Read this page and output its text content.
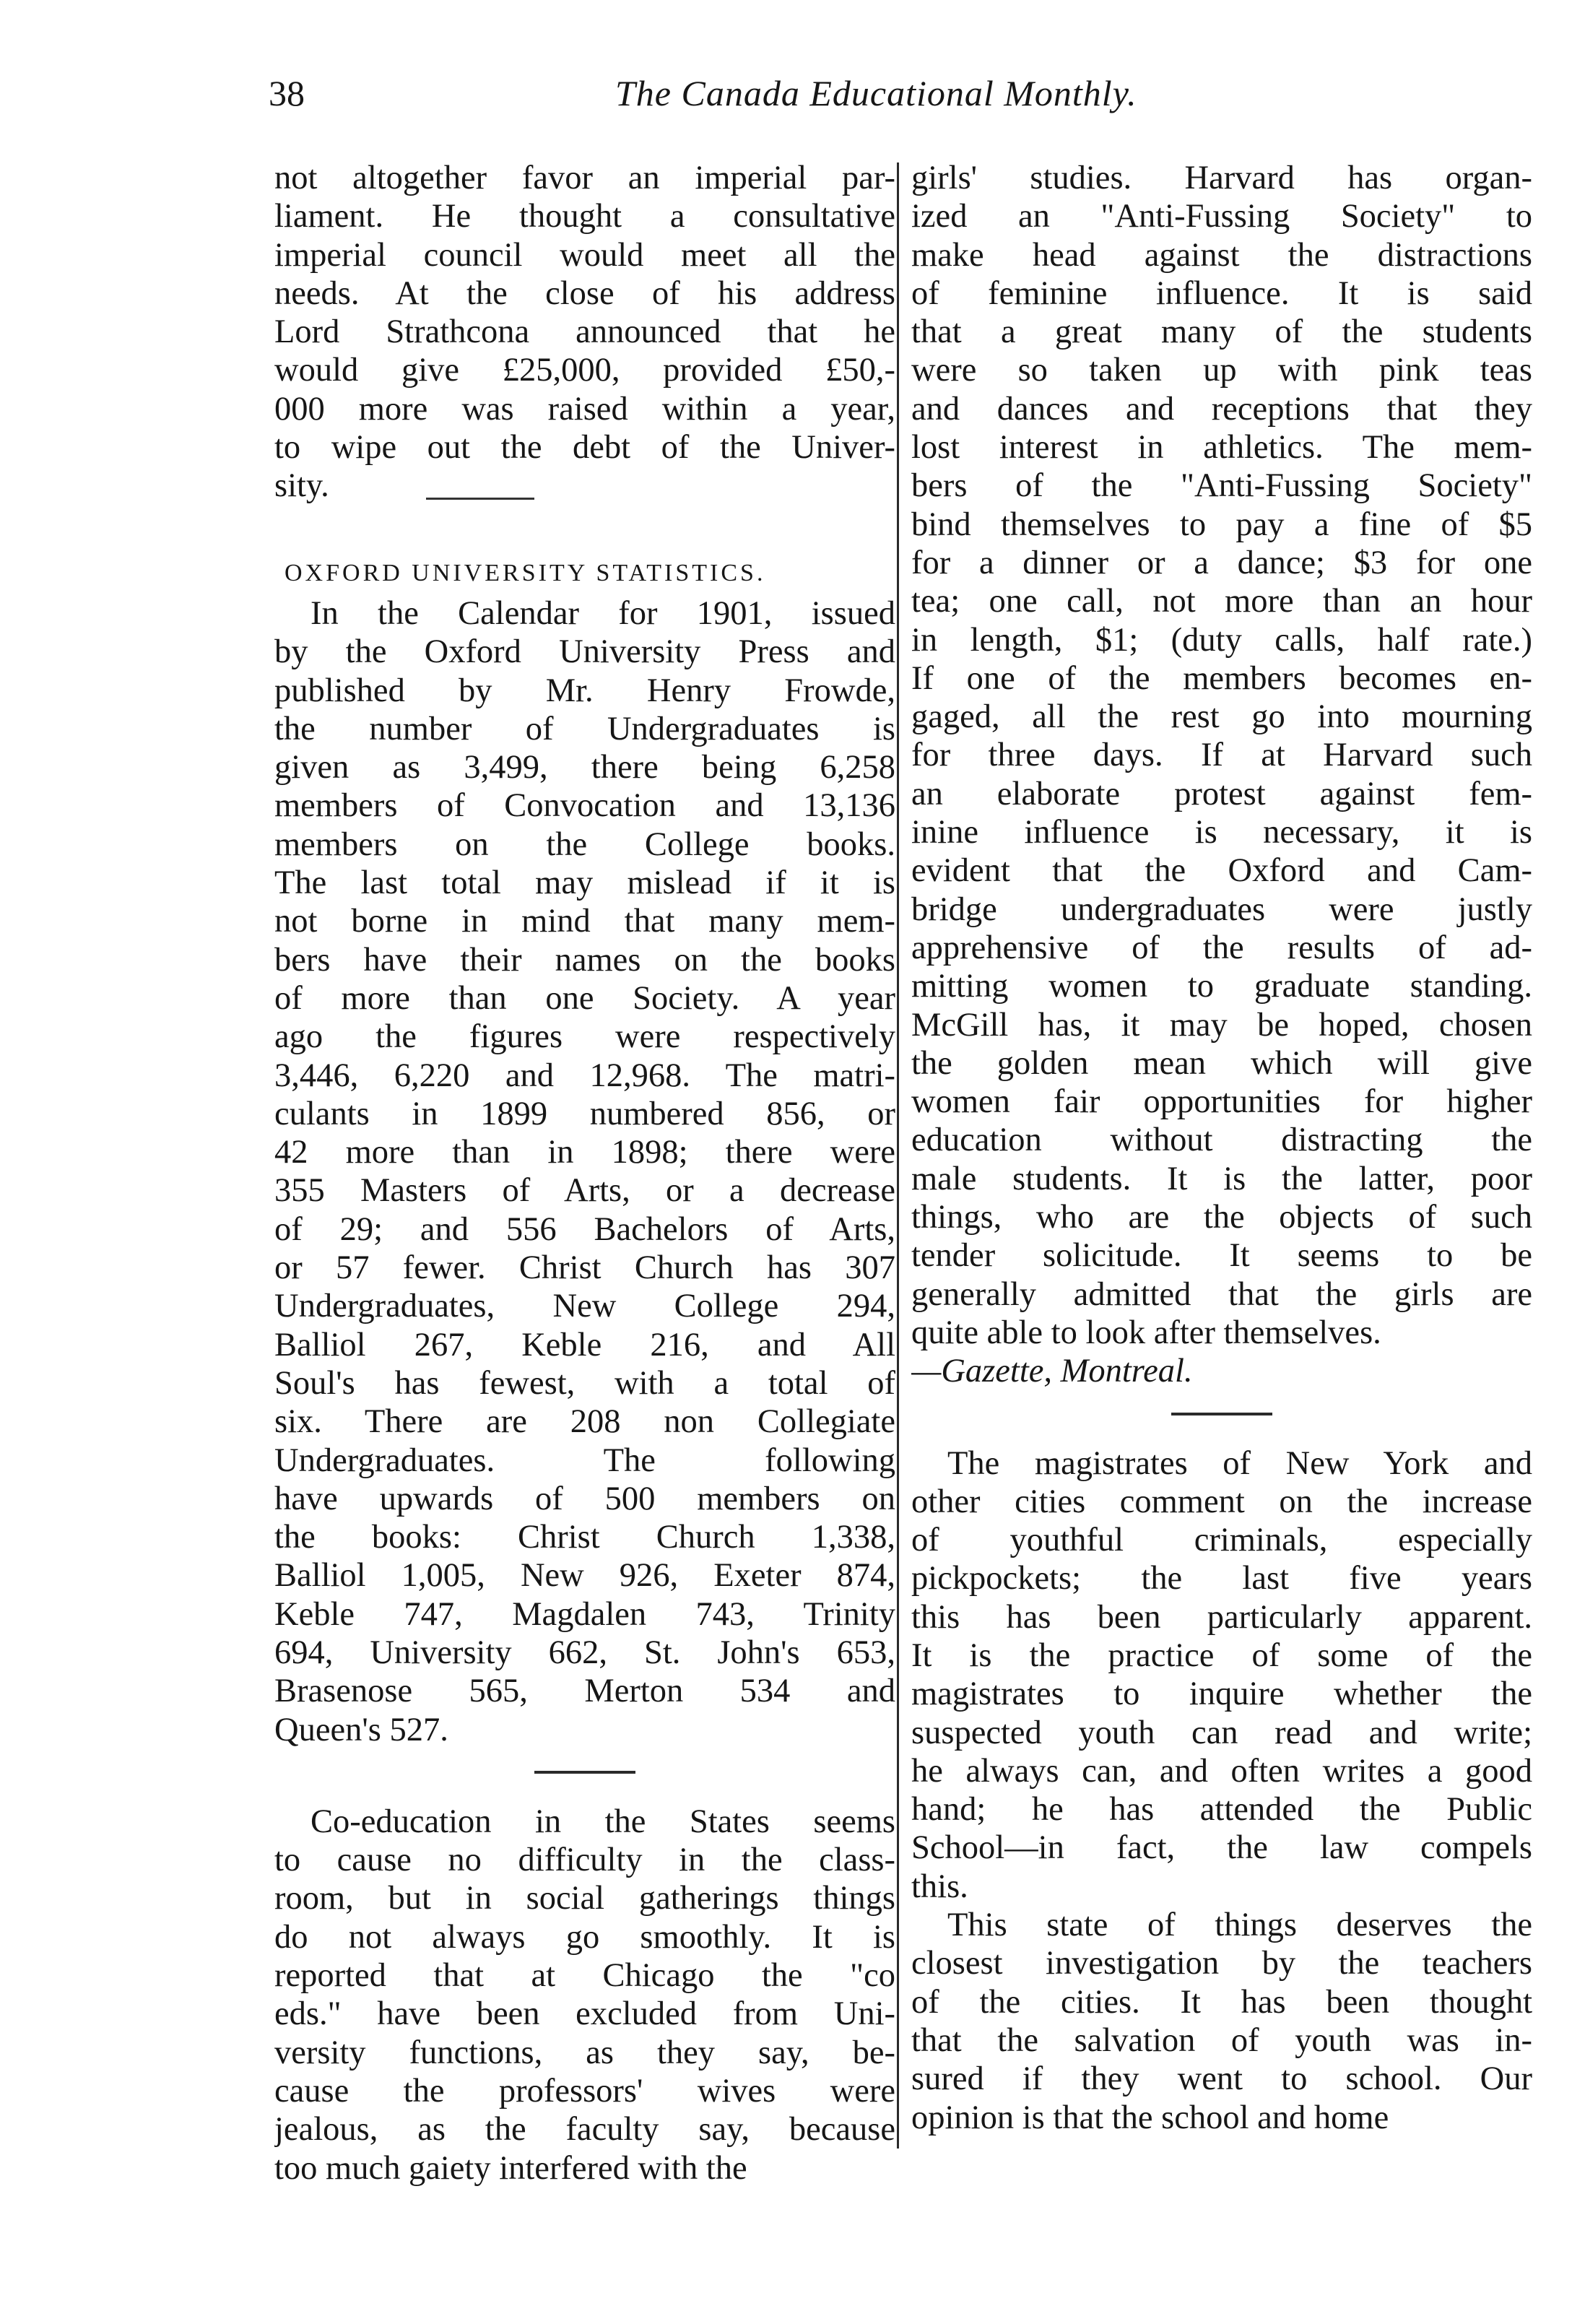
38	The Canada Educational Monthly.
not altogether favor an imperial par-
liament. He thought a consultative
imperial council would meet all the
needs. At the close of his address
Lord Strathcona announced that he
would give £25,000, provided £50,-
000 more was raised within a year,
to wipe out the debt of the Univer-
sity.
OXFORD UNIVERSITY STATISTICS.
In the Calendar for 1901, issued
by the Oxford University Press and
published by Mr. Henry Frowde,
the number of Undergraduates is
given as 3,499, there being 6,258
members of Convocation and 13,136
members on the College books.
The last total may mislead if it is
not borne in mind that many mem-
bers have their names on the books
of more than one Society. A year
ago the figures were respectively
3,446, 6,220 and 12,968. The matri-
culants in 1899 numbered 856, or
42 more than in 1898; there were
355 Masters of Arts, or a decrease
of 29; and 556 Bachelors of Arts,
or 57 fewer. Christ Church has 307
Undergraduates, New College 294,
Balliol 267, Keble 216, and All
Soul's has fewest, with a total of
six. There are 208 non Collegiate
Undergraduates. The following
have upwards of 500 members on
the books: Christ Church 1,338,
Balliol 1,005, New 926, Exeter 874,
Keble 747, Magdalen 743, Trinity
694, University 662, St. John's 653,
Brasenose 565, Merton 534 and
Queen's 527.
Co-education in the States seems
to cause no difficulty in the class-
room, but in social gatherings things
do not always go smoothly. It is
reported that at Chicago the "co
eds." have been excluded from Uni-
versity functions, as they say, be-
cause the professors' wives were
jealous, as the faculty say, because
too much gaiety interfered with the
girls' studies. Harvard has organ-
ized an "Anti-Fussing Society" to
make head against the distractions
of feminine influence. It is said
that a great many of the students
were so taken up with pink teas
and dances and receptions that they
lost interest in athletics. The mem-
bers of the "Anti-Fussing Society"
bind themselves to pay a fine of $5
for a dinner or a dance; $3 for one
tea; one call, not more than an hour
in length, $1; (duty calls, half rate.)
If one of the members becomes en-
gaged, all the rest go into mourning
for three days. If at Harvard such
an elaborate protest against fem-
inine influence is necessary, it is
evident that the Oxford and Cam-
bridge undergraduates were justly
apprehensive of the results of ad-
mitting women to graduate standing.
McGill has, it may be hoped, chosen
the golden mean which will give
women fair opportunities for higher
education without distracting the
male students. It is the latter, poor
things, who are the objects of such
tender solicitude. It seems to be
generally admitted that the girls are
quite able to look after themselves.
—Gazette, Montreal.
The magistrates of New York and
other cities comment on the increase
of youthful criminals, especially
pickpockets; the last five years
this has been particularly apparent.
It is the practice of some of the
magistrates to inquire whether the
suspected youth can read and write;
he always can, and often writes a good
hand; he has attended the Public
School—in fact, the law compels
this.
This state of things deserves the
closest investigation by the teachers
of the cities. It has been thought
that the salvation of youth was in-
sured if they went to school. Our
opinion is that the school and home
